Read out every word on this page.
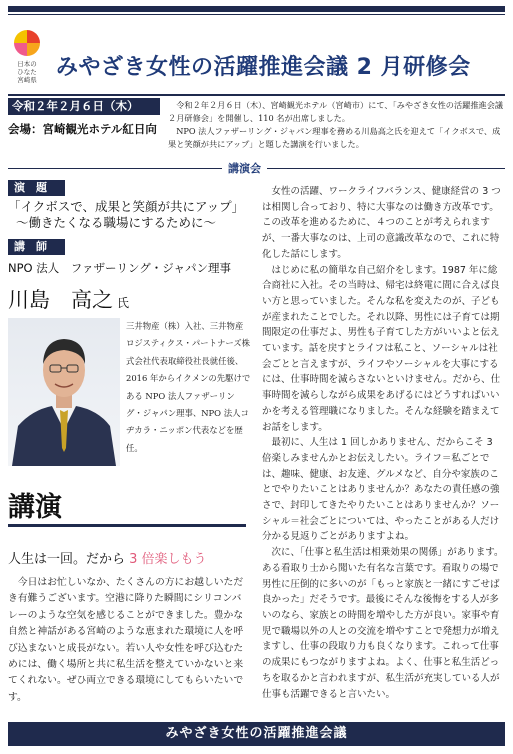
日本の
ひなた
宮崎県 みやざき女性の活躍推進会議 2 月研修会
令和２年２月６日（木）
会場：宮崎観光ホテル紅日向

令和２年２月６日（木）、宮崎観光ホテル（宮崎市）にて、「みやざき女性の活躍推進会議２月研修会」を開催し、110 名が出席しました。

NPO 法人ファザーリング・ジャパン理事を務める川島高之氏を迎えて「イクボスで、成果と笑顔が共にアップ」と題した講演を行いました。

講演会
演　題
「イクボスで、成果と笑顔が共にアップ」
〜働きたくなる職場にするために〜
講　師
NPO 法人　ファザーリング・ジャパン理事
川島　高之 氏
三井物産（株）入社、三井物産ロジスティクス・パートナーズ株式会社代表取締役社長就任後、2016 年からイクメンの先駆けである NPO 法人ファザーリング・ジャパン理事、NPO 法人コヂカラ・ニッポン代表などを歴任。
講演
人生は一回。だから 3 倍楽しもう

今日はお忙しいなか、たくさんの方にお越しいただき有難うございます。空港に降りた瞬間にシリコンバレーのような空気を感じることができました。豊かな自然と神話がある宮崎のような恵まれた環境に人を呼び込まないと成長がない。若い人や女性を呼び込むためには、働く場所と共に私生活を整えていかないと来てくれない。ぜひ両立できる環境にしてもらいたいです。

女性の活躍、ワークライフバランス、健康経営の 3 つは相関し合っており、特に大事なのは働き方改革です。この改革を進めるために、４つのことが考えられますが、一番大事なのは、上司の意識改革なので、これに特化した話にします。

はじめに私の簡単な自己紹介をします。1987 年に総合商社に入社。その当時は、帰宅は終電に間に合えば良い方と思っていました。そんな私を変えたのが、子どもが産まれたことでした。それ以降、男性には子育ては期間限定の仕事だよ、男性も子育てした方がいいよと伝えています。話を戻すとライフは私こと、ソーシャルは社会ごとと言えますが、ライフやソーシャルを大事にするには、仕事時間を減らさないといけません。だから、仕事時間を減らしながら成果をあげるにはどうすればいいかを考える管理職になりました。そんな経験を踏まえてお話をします。

最初に、人生は 1 回しかありません、だからこそ 3 倍楽しみませんかとお伝えしたい。ライフ＝私ごとでは、趣味、健康、お友達、グルメなど、自分や家族のことでやりたいことはありませんか？あなたの責任感の強さで、封印してきたやりたいことはありませんか？ソーシャル＝社会ごとについては、やったことがある人だけ分かる見返りごとがありますよね。

次に、「仕事と私生活は相乗効果の関係」があります。ある看取り士から聞いた有名な言葉です。看取りの場で男性に圧倒的に多いのが「もっと家族と一緒にすごせば良かった」だそうです。最後にそんな後悔をする人が多いのなら、家族との時間を増やした方が良い。家事や育児で職場以外の人との交流を増やすことで発想力が増えますし、仕事の段取り力も良くなります。これって仕事の成果にもつながりますよね。よく、仕事と私生活どっちを取るかと言われますが、私生活が充実している人が仕事も活躍できると言いたい。

みやざき女性の活躍推進会議
